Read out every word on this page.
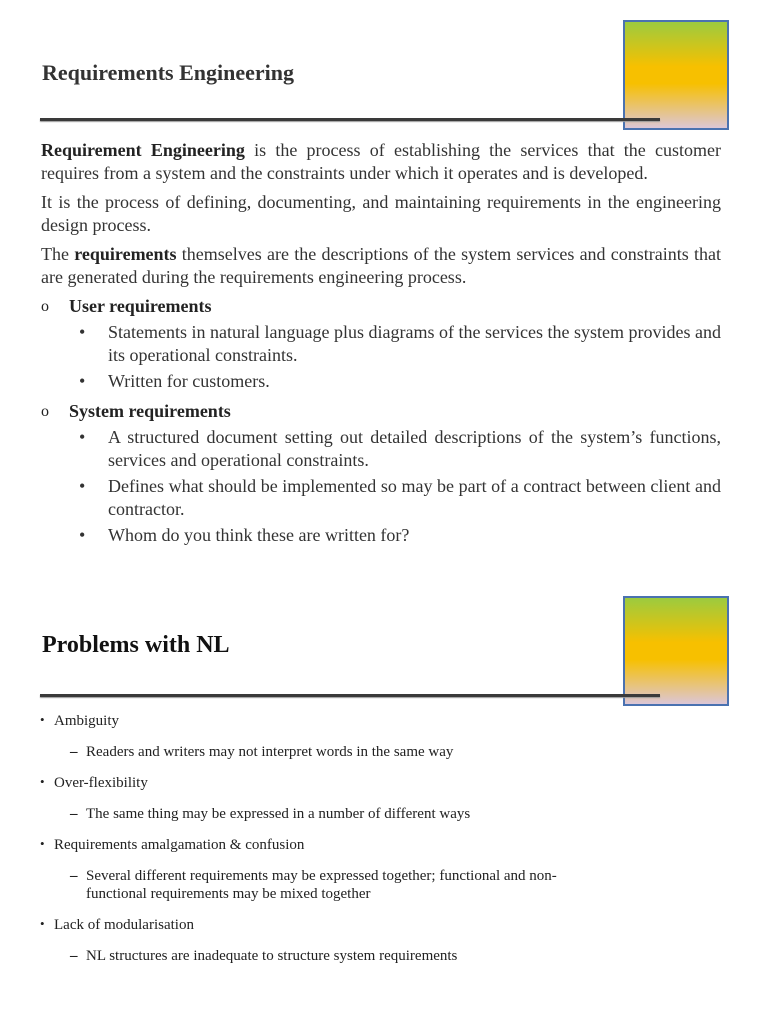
Requirements Engineering

Requirement Engineering is the process of establishing the services that the customer requires from a system and the constraints under which it operates and is developed.

It is the process of defining, documenting, and maintaining requirements in the engineering design process.

The requirements themselves are the descriptions of the system services and constraints that are generated during the requirements engineering process.

o User requirements
• Statements in natural language plus diagrams of the services the system provides and its operational constraints.
• Written for customers.
o System requirements
• A structured document setting out detailed descriptions of the system’s functions, services and operational constraints.
• Defines what should be implemented so may be part of a contract between client and contractor.
• Whom do you think these are written for?
Problems with NL
• Ambiguity
– Readers and writers may not interpret words in the same way
• Over-flexibility
– The same thing may be expressed in a number of different ways
• Requirements amalgamation & confusion
– Several different requirements may be expressed together; functional and non-functional requirements may be mixed together
• Lack of modularisation
– NL structures are inadequate to structure system requirements
